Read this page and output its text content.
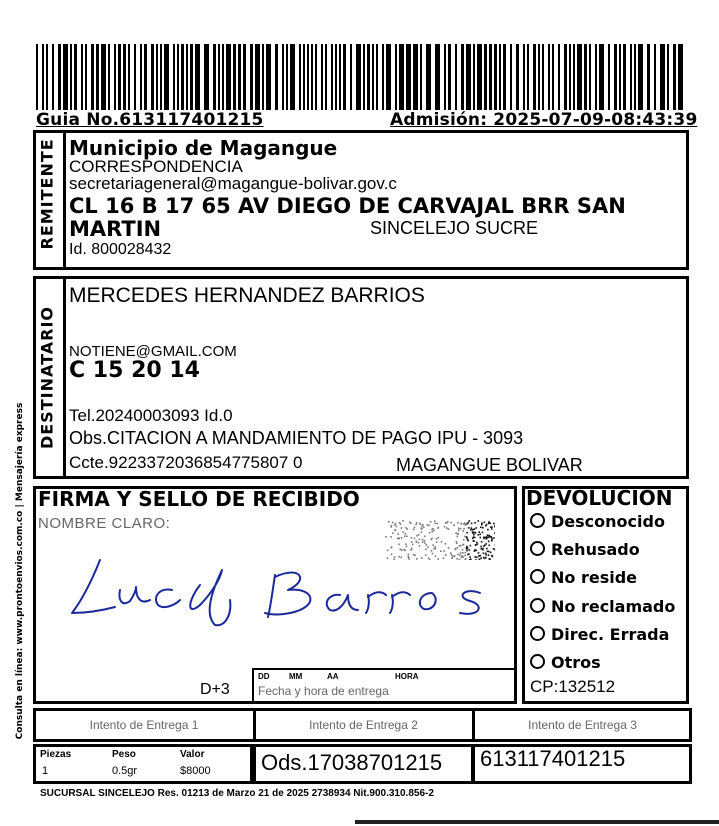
Guia No.613117401215	Admisión: 2025-07-09-08:43:39
Consulta en línea: www.prontoenvios.com.co | Mensajería express
REMITENTE Municipio de Magangue
CORRESPONDENCIA
secretariageneral@magangue-bolivar.gov.c
CL 16 B 17 65 AV DIEGO DE CARVAJAL BRR SAN
MARTIN	SINCELEJO SUCRE
Id. 800028432
DESTINATARIO
MERCEDES HERNANDEZ BARRIOS
NOTIENE@GMAIL.COM
C 15 20 14
Tel.20240003093 Id.0
Obs.CITACION A MANDAMIENTO DE PAGO IPU - 3093
Ccte.9223372036854775807 0	MAGANGUE BOLIVAR
FIRMA Y SELLO DE RECIBIDO
NOMBRE CLARO:
D+3
DD MM	AA	HORA
Fecha y hora de entrega
DEVOLUCION
Desconocido
Rehusado
No reside
No reclamado
Direc. Errada
Otros
CP:132512
Intento de Entrega 1	Intento de Entrega 2	Intento de Entrega 3
Piezas	Peso	Valor
1	0.5gr	$8000 Ods.17038701215 613117401215
SUCURSAL SINCELEJO Res. 01213 de Marzo 21 de 2025 2738934 Nit.900.310.856-2
